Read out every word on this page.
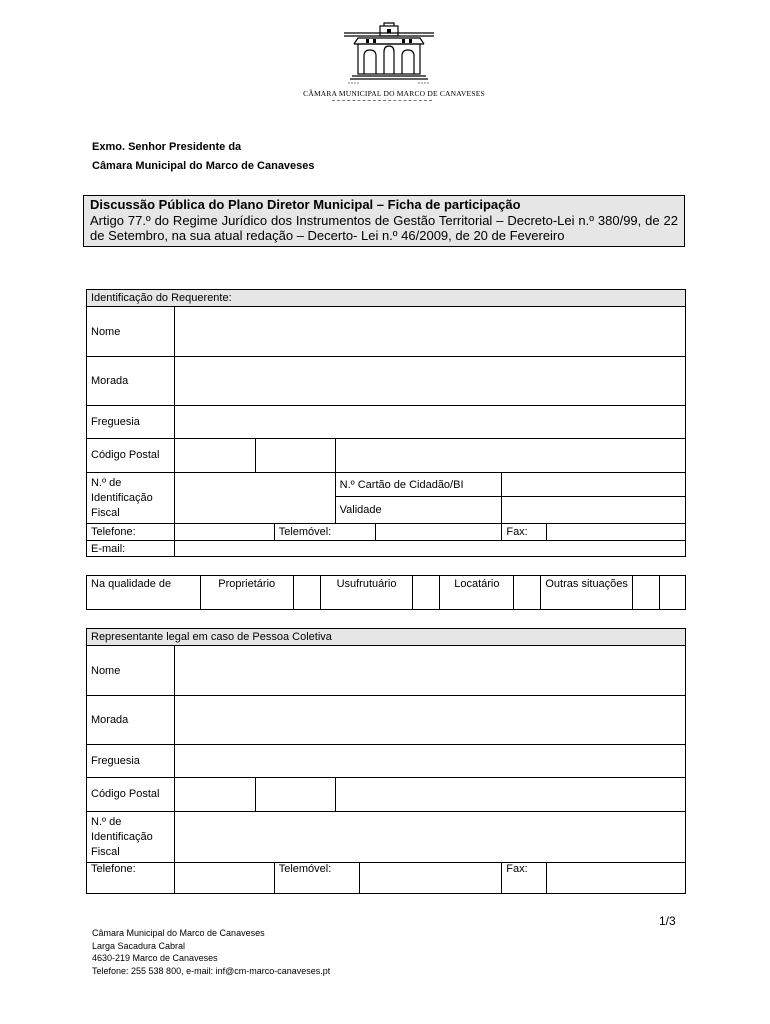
CÂMARA MUNICIPAL DO MARCO DE CANAVESES
Exmo. Senhor Presidente da
Câmara Municipal do Marco de Canaveses
Discussão Pública do Plano Diretor Municipal – Ficha de participação
Artigo 77.º do Regime Jurídico dos Instrumentos de Gestão Territorial – Decreto-Lei n.º 380/99, de 22 de Setembro, na sua atual redação – Decerto- Lei n.º 46/2009, de 20 de Fevereiro
Identificação do Requerente:							
Nome							
Morada							
Freguesia							
Código Postal							
N.º de Identificação Fiscal				N.º Cartão de Cidadão/BI			
				Validade			
Telefone:			Telemóvel:			Fax:	
E-mail:							
Na qualidade de	Proprietário		Usufrutuário		Locatário		Outras situações		
Representante legal em caso de Pessoa Coletiva							
Nome							
Morada							
Freguesia							
Código Postal							
N.º de Identificação Fiscal							
Telefone:			Telemóvel:			Fax:	
1/3
Câmara Municipal do Marco de Canaveses
Larga Sacadura Cabral
4630-219 Marco de Canaveses
Telefone: 255 538 800, e-mail: inf@cm-marco-canaveses.pt
